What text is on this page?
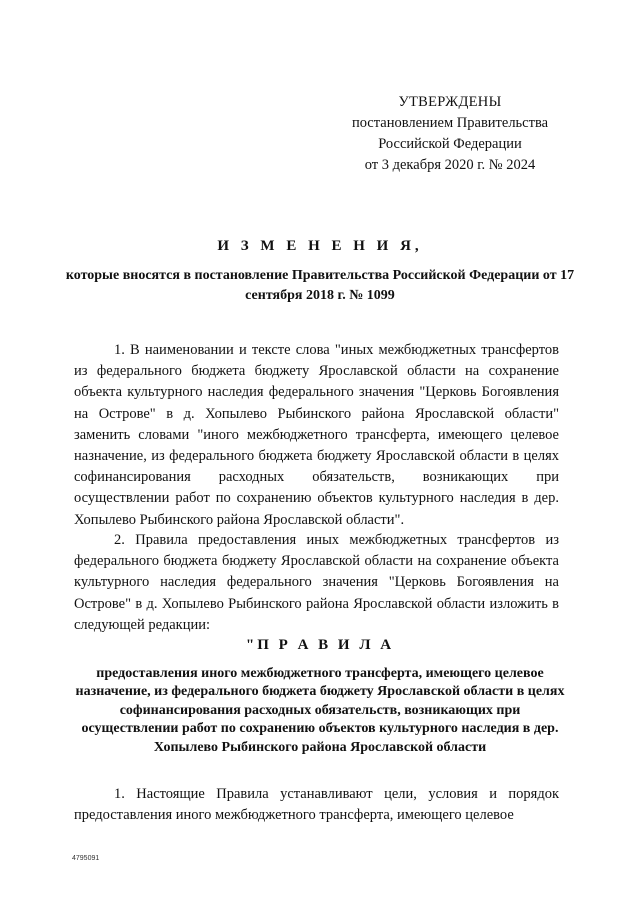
УТВЕРЖДЕНЫ
постановлением Правительства
Российской Федерации
от 3 декабря 2020 г. № 2024
И З М Е Н Е Н И Я,
которые вносятся в постановление Правительства Российской Федерации от 17 сентября 2018 г. № 1099

1. В наименовании и тексте слова "иных межбюджетных трансфертов из федерального бюджета бюджету Ярославской области на сохранение объекта культурного наследия федерального значения "Церковь Богоявления на Острове" в д. Хопылево Рыбинского района Ярославской области" заменить словами "иного межбюджетного трансферта, имеющего целевое назначение, из федерального бюджета бюджету Ярославской области в целях софинансирования расходных обязательств, возникающих при осуществлении работ по сохранению объектов культурного наследия в дер. Хопылево Рыбинского района Ярославской области".

2. Правила предоставления иных межбюджетных трансфертов из федерального бюджета бюджету Ярославской области на сохранение объекта культурного наследия федерального значения "Церковь Богоявления на Острове" в д. Хопылево Рыбинского района Ярославской области изложить в следующей редакции:

"П Р А В И Л А
предоставления иного межбюджетного трансферта, имеющего целевое назначение, из федерального бюджета бюджету Ярославской области в целях софинансирования расходных обязательств, возникающих при осуществлении работ по сохранению объектов культурного наследия в дер. Хопылево Рыбинского района Ярославской области

1. Настоящие Правила устанавливают цели, условия и порядок предоставления иного межбюджетного трансферта, имеющего целевое

4795091
